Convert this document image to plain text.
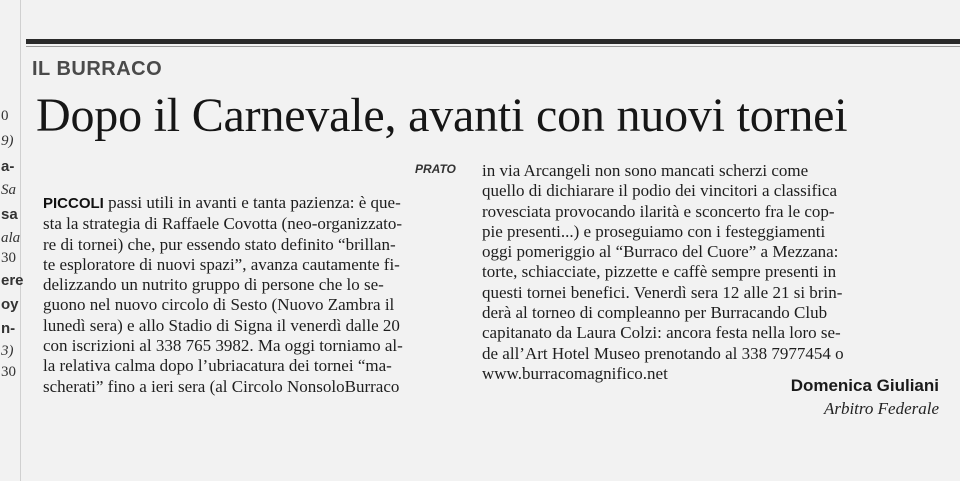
0
9)
a-
Sa
sa
ala
30
ere
oy
n-
3)
30
IL BURRACO
Dopo il Carnevale, avanti con nuovi tornei
PRATO
PICCOLI passi utili in avanti e tanta pazienza: è que-
sta la strategia di Raffaele Covotta (neo-organizzato-
re di tornei) che, pur essendo stato definito “brillan-
te esploratore di nuovi spazi”, avanza cautamente fi-
delizzando un nutrito gruppo di persone che lo se-
guono nel nuovo circolo di Sesto (Nuovo Zambra il
lunedì sera) e allo Stadio di Signa il venerdì dalle 20
con iscrizioni al 338 765 3982. Ma oggi torniamo al-
la relativa calma dopo l’ubriacatura dei tornei “ma-
scherati” fino a ieri sera (al Circolo NonsoloBurraco
in via Arcangeli non sono mancati scherzi come
quello di dichiarare il podio dei vincitori a classifica
rovesciata provocando ilarità e sconcerto fra le cop-
pie presenti...) e proseguiamo con i festeggiamenti
oggi pomeriggio al “Burraco del Cuore” a Mezzana:
torte, schiacciate, pizzette e caffè sempre presenti in
questi tornei benefici. Venerdì sera 12 alle 21 si brin-
derà al torneo di compleanno per Burracando Club
capitanato da Laura Colzi: ancora festa nella loro se-
de all’Art Hotel Museo prenotando al 338 7977454 o
www.burracomagnifico.net
Domenica Giuliani
Arbitro Federale
